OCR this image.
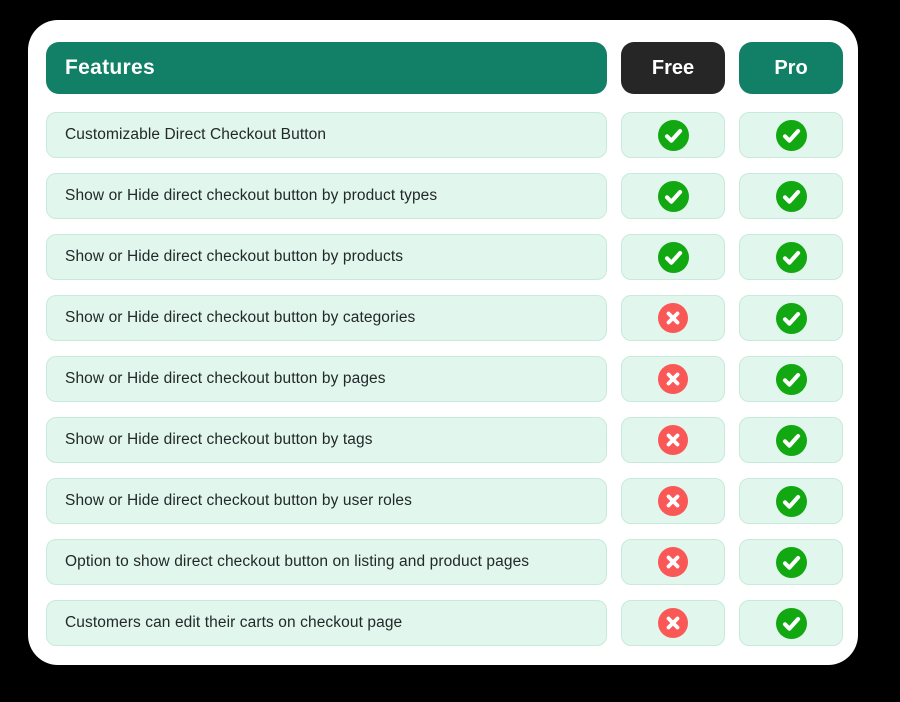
Features	Free	Pro
Customizable Direct Checkout Button
Show or Hide direct checkout button by product types
Show or Hide direct checkout button by products
Show or Hide direct checkout button by categories
Show or Hide direct checkout button by pages
Show or Hide direct checkout button by tags
Show or Hide direct checkout button by user roles
Option to show direct checkout button on listing and product pages
Customers can edit their carts on checkout page
